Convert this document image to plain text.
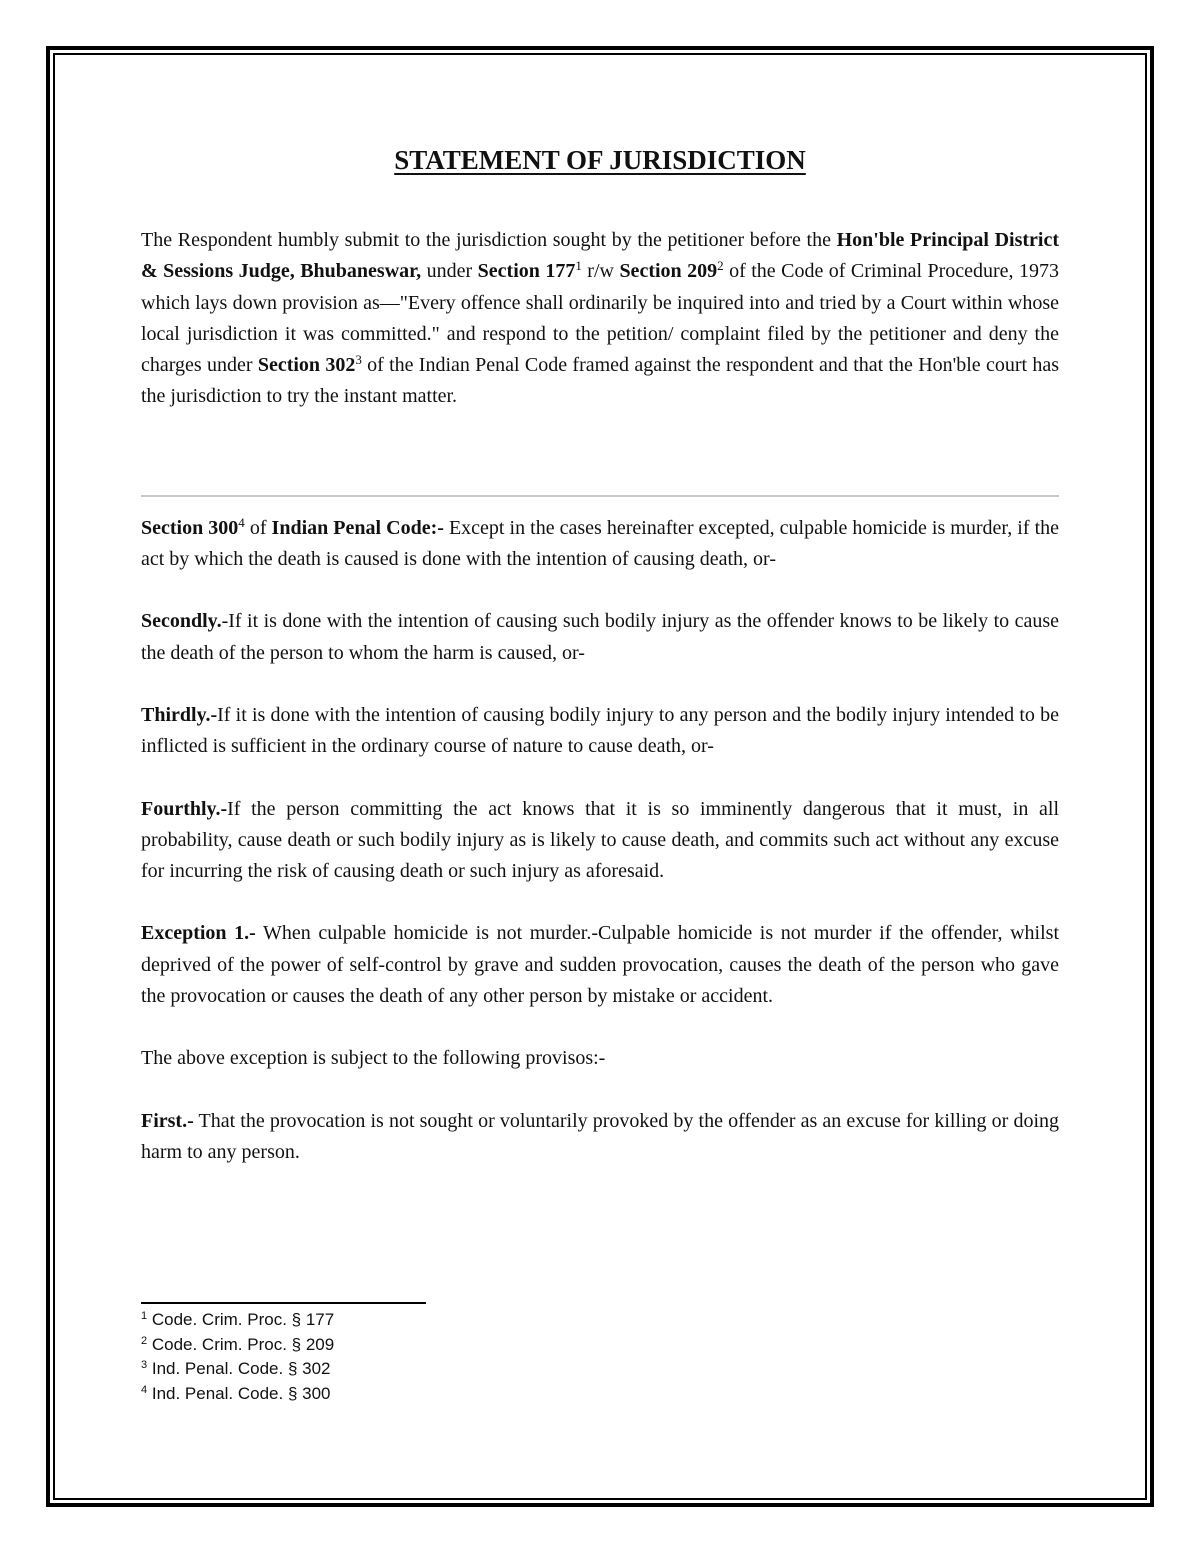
STATEMENT OF JURISDICTION

The Respondent humbly submit to the jurisdiction sought by the petitioner before the Hon'ble Principal District & Sessions Judge, Bhubaneswar, under Section $177^1$ r/w Section $209^2$ of the Code of Criminal Procedure, 1973 which lays down provision as—"Every offence shall ordinarily be inquired into and tried by a Court within whose local jurisdiction it was committed." and respond to the petition/ complaint filed by the petitioner and deny the charges under Section $302^3$ of the Indian Penal Code framed against the respondent and that the Hon'ble court has the jurisdiction to try the instant matter.

Section $300^4$ of Indian Penal Code:- Except in the cases hereinafter excepted, culpable homicide is murder, if the act by which the death is caused is done with the intention of causing death, or-

Secondly.-If it is done with the intention of causing such bodily injury as the offender knows to be likely to cause the death of the person to whom the harm is caused, or-

Thirdly.-If it is done with the intention of causing bodily injury to any person and the bodily injury intended to be inflicted is sufficient in the ordinary course of nature to cause death, or-

Fourthly.-If the person committing the act knows that it is so imminently dangerous that it must, in all probability, cause death or such bodily injury as is likely to cause death, and commits such act without any excuse for incurring the risk of causing death or such injury as aforesaid.

Exception 1.- When culpable homicide is not murder.-Culpable homicide is not murder if the offender, whilst deprived of the power of self-control by grave and sudden provocation, causes the death of the person who gave the provocation or causes the death of any other person by mistake or accident.

The above exception is subject to the following provisos:-

First.- That the provocation is not sought or voluntarily provoked by the offender as an excuse for killing or doing harm to any person.

$^1$ Code. Crim. Proc. § 177
$^2$ Code. Crim. Proc. § 209
$^3$ Ind. Penal. Code. § 302
$^4$ Ind. Penal. Code. § 300
